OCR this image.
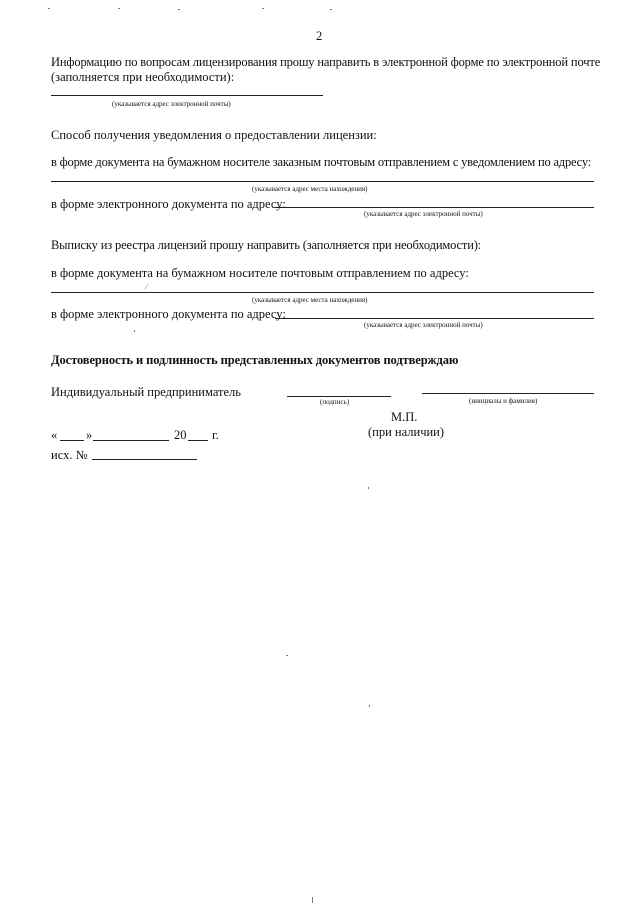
2
Информацию по вопросам лицензирования прошу направить в электронной форме по электронной почте
(заполняется при необходимости):
(указывается адрес электронной почты)
Способ получения уведомления о предоставлении лицензии:
в форме документа на бумажном носителе заказным почтовым отправлением с уведомлением по адресу:
(указывается адрес места нахождения)
в форме электронного документа по адресу:
(указывается адрес электронной почты)
Выписку из реестра лицензий прошу направить (заполняется при необходимости):
в форме документа на бумажном носителе почтовым отправлением по адресу:
⁄
(указывается адрес места нахождения)
в форме электронного документа по адресу:
(указывается адрес электронной почты)
Достоверность и подлинность представленных документов подтверждаю
Индивидуальный предприниматель
(подпись)	(инициалы и фамилия)
М.П.
(при наличии)
« »	20 г.
исх. №
